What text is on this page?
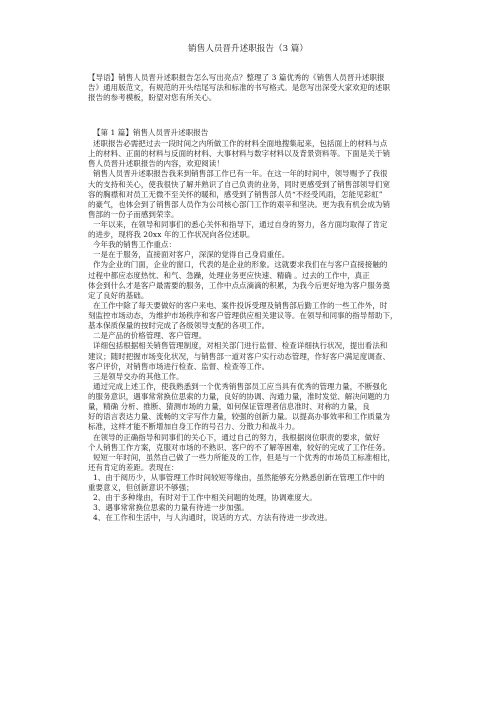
销售人员晋升述职报告（3 篇）
【导语】销售人员晋升述职报告怎么写出亮点？整理了 3 篇优秀的《销售人员晋升述职报
告》通用版范文，有规范的开头结尾写法和标准的书写格式。是您写出深受大家欢迎的述职
报告的参考模板，盼望对您有所关心。
【第 1 篇】销售人员晋升述职报告
述职报告必需把过去一段时间之内所做工作的材料全面地搜集起来，包括面上的材料与点
上的材料、正面的材料与反面的材料、大事材料与数字材料以及背景资料等。下面是关于销
售人员晋升述职报告的内容，欢迎阅读！
销售人员晋升述职报告我来到销售部工作已有一年。在这一年的时间中，领导赐予了我很
大的支持和关心，使我很快了解并熟识了自己负责的业务，同时更感受到了销售部领导们宽
容的胸襟和对员工无微不至关怀的暖和，感受到了销售部人员“不经受风雨，怎能见彩虹”
的豪气，也体会到了销售部人员作为公司核心部门工作的艰辛和坚决。更为我有机会成为销
售部的一份子而感到荣幸。
一年以来，在领导和同事们的悉心关怀和指导下，通过自身的努力，各方面均取得了肯定
的进步，现将我 20xx 年的工作状况向各位述职。
今年我的销售工作重点：
一是在于服务，直接面对客户，深深的觉得自己身肩重任。
作为企业的门面，企业的窗口，代表的是企业的形象。这就要求我们在与客户直接接触的
过程中都应态度热忱、和气、急躁，处理业务更应快速、精确 。过去的工作中，真正
体会到什么才是客户最需要的服务，工作中点点滴滴的积累，为我今后更好地为客户服务奠
定了良好的基础。
在工作中除了每天要做好的客户来电、案件投诉受理及销售部后勤工作的一些工作外，时
刻监控市场动态，为维护市场秩序和客户管理供应相关建议等。在领导和同事的指导帮助下，
基本保质保量的按时完成了各级领导支配的各项工作。
二是产品的价格管理、客户管理。
详细包括根据相关销售管理制度，对相关部门进行监督、检查详细执行状况，提出看法和
建议；随时把握市场变化状况，与销售部一道对客户实行动态管理，作好客户满足度调查、
客户评价，对销售市场进行检查、监督、检查等工作。
三是领导交办的其他工作。
通过完成上述工作，使我熟悉到一个优秀销售部员工应当具有优秀的管理力量，不断强化
的服务意识，遇事常常换位思索的力量，良好的协调、沟通力量，准时发觉、解决问题的力
量，精确 分析、推断、猜测市场的力量，如何保证管理者信息准时、对称的力量，良
好的语言表达力量、流畅的文字写作力量，较强的创新力量。以提高办事效率和工作质量为
标准，这样才能不断增加自身工作的号召力、分散力和战斗力。
在领导的正确指导和同事们的关心下，通过自己的努力，我根据岗位职责的要求，做好
个人销售工作方案，克服对市场的不熟识、客户的不了解等困难，较好的完成了工作任务。
短短一年时间，虽然自己做了一些力所能及的工作，但是与一个优秀的市场员工标准相比，
还有肯定的差距。表现在：
1、由于阅历少，从事管理工作时间较短等缘由，虽然能够充分熟悉创新在管理工作中的
重要意义，但创新意识不够强；
2、由于多种缘由，有时对于工作中相关问题的处理，协调难度大。
3、遇事常常换位思索的力量有待进一步加强。
4、在工作和生活中，与人沟通时，说话的方式、方法有待进一步改进。
